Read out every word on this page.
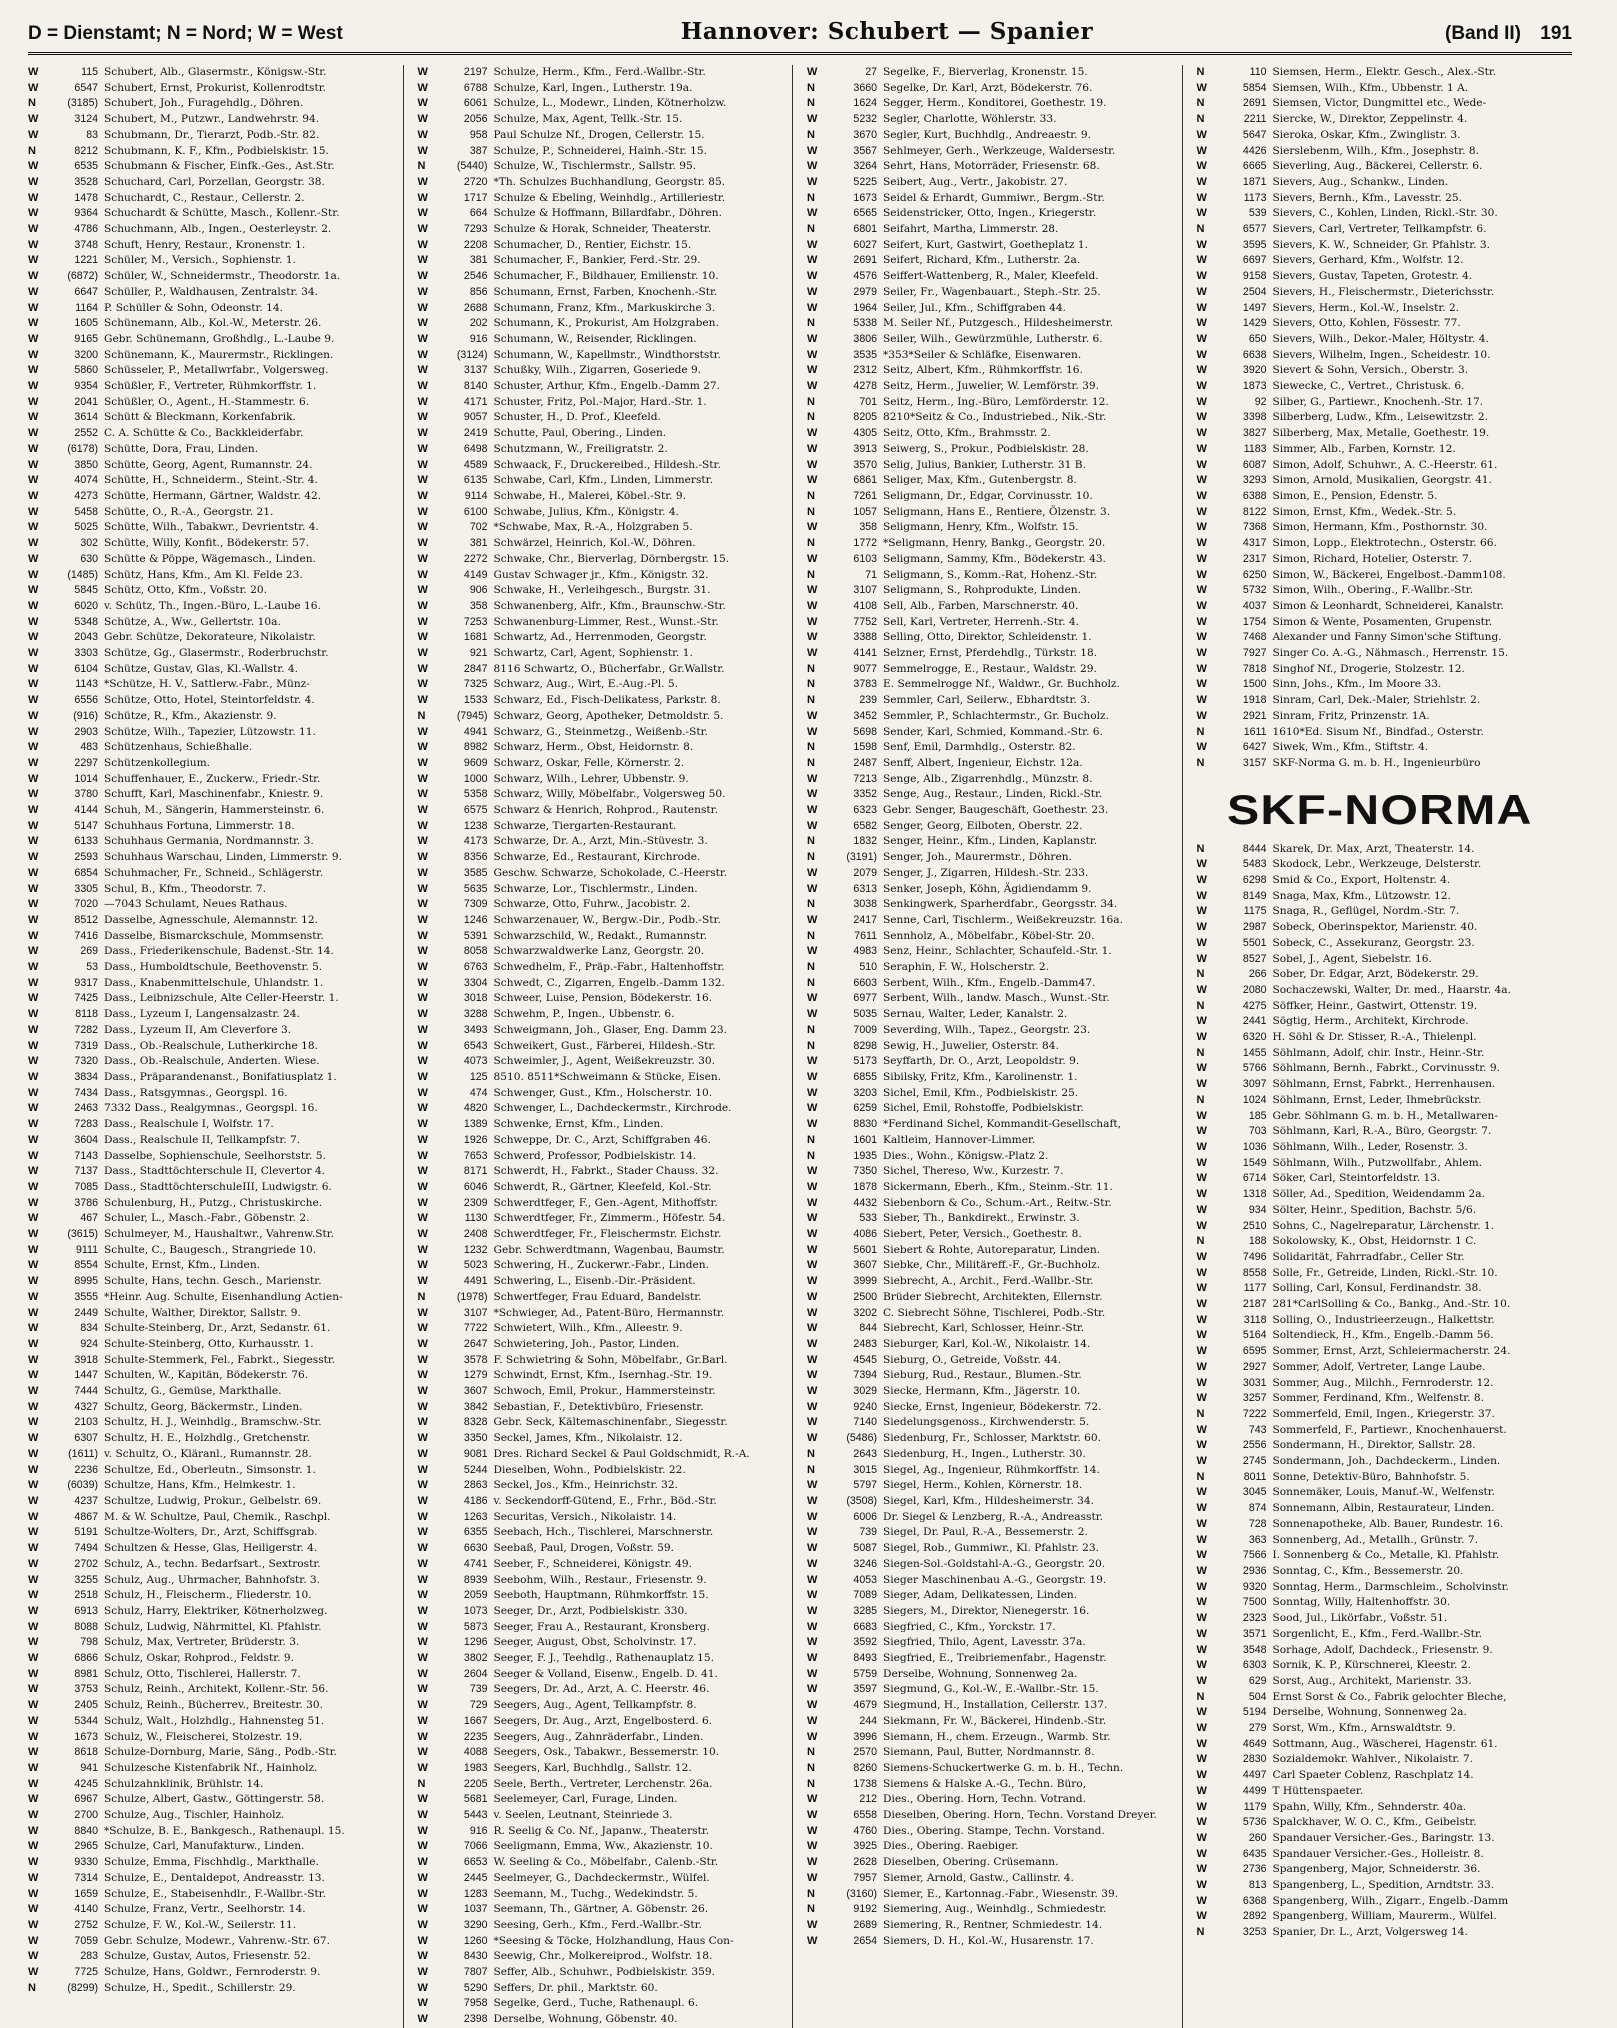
D = Dienstamt; N = Nord; W = West	Hannover: Schubert — Spanier	(Band II) 191
W	115 Schubert, Alb., Glasermstr., Königsw.-Str.
W	6547 Schubert, Ernst, Prokurist, Kollenrodtstr.
N	(3185) Schubert, Joh., Furagehdlg., Döhren.
W	3124 Schubert, M., Putzwr., Landwehrstr. 94.
W	83 Schubmann, Dr., Tierarzt, Podb.-Str. 82.
N	8212 Schubmann, K. F., Kfm., Podbielskistr. 15.
W	6535 Schubmann & Fischer, Einfk.-Ges., Ast.Str.
W	3528 Schuchard, Carl, Porzellan, Georgstr. 38.
W	1478 Schuchardt, C., Restaur., Cellerstr. 2.
W	9364 Schuchardt & Schütte, Masch., Kollenr.-Str.
W	4786 Schuchmann, Alb., Ingen., Oesterleystr. 2.
W	3748 Schuft, Henry, Restaur., Kronenstr. 1.
W	1221 Schüler, M., Versich., Sophienstr. 1.
W	(6872) Schüler, W., Schneidermstr., Theodorstr. 1a.
W	6647 Schüller, P., Waldhausen, Zentralstr. 34.
W	1164 P. Schüller & Sohn, Odeonstr. 14.
W	1605 Schünemann, Alb., Kol.-W., Meterstr. 26.
W	9165 Gebr. Schünemann, Großhdlg., L.-Laube 9.
W	3200 Schünemann, K., Maurermstr., Ricklingen.
W	5860 Schüsseler, P., Metallwrfabr., Volgersweg.
W	9354 Schüßler, F., Vertreter, Rühmkorffstr. 1.
W	2041 Schüßler, O., Agent., H.-Stammestr. 6.
W	3614 Schütt & Bleckmann, Korkenfabrik.
W	2552 C. A. Schütte & Co., Backkleiderfabr.
W	(6178) Schütte, Dora, Frau, Linden.
W	3850 Schütte, Georg, Agent, Rumannstr. 24.
W	4074 Schütte, H., Schneiderm., Steint.-Str. 4.
W	4273 Schütte, Hermann, Gärtner, Waldstr. 42.
W	5458 Schütte, O., R.-A., Georgstr. 21.
W	5025 Schütte, Wilh., Tabakwr., Devrientstr. 4.
W	302 Schütte, Willy, Konfit., Bödekerstr. 57.
W	630 Schütte & Pöppe, Wägemasch., Linden.
W	(1485) Schütz, Hans, Kfm., Am Kl. Felde 23.
W	5845 Schütz, Otto, Kfm., Voßstr. 20.
W	6020 v. Schütz, Th., Ingen.-Büro, L.-Laube 16.
W	5348 Schütze, A., Ww., Gellertstr. 10a.
W	2043 Gebr. Schütze, Dekorateure, Nikolaistr.
W	3303 Schütze, Gg., Glasermstr., Roderbruchstr.
W	6104 Schütze, Gustav, Glas, Kl.-Wallstr. 4.
W	1143 *Schütze, H. V., Sattlerw.-Fabr., Münz-
W	6556 Schütze, Otto, Hotel, Steintorfeldstr. 4.
W	(916) Schütze, R., Kfm., Akazienstr. 9.
W	2903 Schütze, Wilh., Tapezier, Lützowstr. 11.
W	483 Schützenhaus, Schießhalle.
W	2297 Schützenkollegium.
W	1014 Schuffenhauer, E., Zuckerw., Friedr.-Str.
W	3780 Schufft, Karl, Maschinenfabr., Kniestr. 9.
W	4144 Schuh, M., Sängerin, Hammersteinstr. 6.
W	5147 Schuhhaus Fortuna, Limmerstr. 18.
W	6133 Schuhhaus Germania, Nordmannstr. 3.
W	2593 Schuhhaus Warschau, Linden, Limmerstr. 9.
W	6854 Schuhmacher, Fr., Schneid., Schlägerstr.
W	3305 Schul, B., Kfm., Theodorstr. 7.
W	7020 —7043 Schulamt, Neues Rathaus.
W	8512 Dasselbe, Agnesschule, Alemannstr. 12.
W	7416 Dasselbe, Bismarckschule, Mommsenstr.
W	269 Dass., Friederikenschule, Badenst.-Str. 14.
W	53 Dass., Humboldtschule, Beethovenstr. 5.
W	9317 Dass., Knabenmittelschule, Uhlandstr. 1.
W	7425 Dass., Leibnizschule, Alte Celler-Heerstr. 1.
W	8118 Dass., Lyzeum I, Langensalzastr. 24.
W	7282 Dass., Lyzeum II, Am Cleverfore 3.
W	7319 Dass., Ob.-Realschule, Lutherkirche 18.
W	7320 Dass., Ob.-Realschule, Anderten. Wiese.
W	3834 Dass., Präparandenanst., Bonifatiusplatz 1.
W	7434 Dass., Ratsgymnas., Georgspl. 16.
W	2463 7332 Dass., Realgymnas., Georgspl. 16.
W	7283 Dass., Realschule I, Wolfstr. 17.
W	3604 Dass., Realschule II, Tellkampfstr. 7.
W	7143 Dasselbe, Sophienschule, Seelhorststr. 5.
W	7137 Dass., Stadttöchterschule II, Clevertor 4.
W	7085 Dass., StadttöchterschuleIII, Ludwigstr. 6.
W	3786 Schulenburg, H., Putzg., Christuskirche.
W	467 Schuler, L., Masch.-Fabr., Göbenstr. 2.
W	(3615) Schulmeyer, M., Haushaltwr., Vahrenw.Str.
W	9111 Schulte, C., Baugesch., Strangriede 10.
W	8554 Schulte, Ernst, Kfm., Linden.
W	8995 Schulte, Hans, techn. Gesch., Marienstr.
W	3555 *Heinr. Aug. Schulte, Eisenhandlung Actien-
W	2449 Schulte, Walther, Direktor, Sallstr. 9.
W	834 Schulte-Steinberg, Dr., Arzt, Sedanstr. 61.
W	924 Schulte-Steinberg, Otto, Kurhausstr. 1.
W	3918 Schulte-Stemmerk, Fel., Fabrkt., Siegesstr.
W	1447 Schulten, W., Kapitän, Bödekerstr. 76.
W	7444 Schultz, G., Gemüse, Markthalle.
W	4327 Schultz, Georg, Bäckermstr., Linden.
W	2103 Schultz, H. J., Weinhdlg., Bramschw.-Str.
W	6307 Schultz, H. E., Holzhdlg., Gretchenstr.
W	(1611) v. Schultz, O., Kläranl., Rumannstr. 28.
W	2236 Schultze, Ed., Oberleutn., Simsonstr. 1.
W	(6039) Schultze, Hans, Kfm., Helmkestr. 1.
W	4237 Schultze, Ludwig, Prokur., Gelbelstr. 69.
W	4867 M. & W. Schultze, Paul, Chemik., Raschpl.
W	5191 Schultze-Wolters, Dr., Arzt, Schiffsgrab.
W	7494 Schultzen & Hesse, Glas, Heiligerstr. 4.
W	2702 Schulz, A., techn. Bedarfsart., Sextrostr.
W	3255 Schulz, Aug., Uhrmacher, Bahnhofstr. 3.
W	2518 Schulz, H., Fleischerm., Fliederstr. 10.
W	6913 Schulz, Harry, Elektriker, Kötnerholzweg.
W	8088 Schulz, Ludwig, Nährmittel, Kl. Pfahlstr.
W	798 Schulz, Max, Vertreter, Brüderstr. 3.
W	6866 Schulz, Oskar, Rohprod., Feldstr. 9.
W	8981 Schulz, Otto, Tischlerei, Hallerstr. 7.
W	3753 Schulz, Reinh., Architekt, Kollenr.-Str. 56.
W	2405 Schulz, Reinh., Bücherrev., Breitestr. 30.
W	5344 Schulz, Walt., Holzhdlg., Hahnensteg 51.
W	1673 Schulz, W., Fleischerei, Stolzestr. 19.
W	8618 Schulze-Dornburg, Marie, Säng., Podb.-Str.
W	941 Schulzesche Kistenfabrik Nf., Hainholz.
W	4245 Schulzahnklinik, Brühlstr. 14.
W	6967 Schulze, Albert, Gastw., Göttingerstr. 58.
W	2700 Schulze, Aug., Tischler, Hainholz.
W	8840 *Schulze, B. E., Bankgesch., Rathenaupl. 15.
W	2965 Schulze, Carl, Manufakturw., Linden.
W	9330 Schulze, Emma, Fischhdlg., Markthalle.
W	7314 Schulze, E., Dentaldepot, Andreasstr. 13.
W	1659 Schulze, E., Stabeisenhdlr., F.-Wallbr.-Str.
W	4140 Schulze, Franz, Vertr., Seelhorstr. 14.
W	2752 Schulze, F. W., Kol.-W., Seilerstr. 11.
W	7059 Gebr. Schulze, Modewr., Vahrenw.-Str. 67.
W	283 Schulze, Gustav, Autos, Friesenstr. 52.
W	7725 Schulze, Hans, Goldwr., Fernroderstr. 9.
N	(8299) Schulze, H., Spedit., Schillerstr. 29.
W	2197 Schulze, Herm., Kfm., Ferd.-Wallbr.-Str.
W	6788 Schulze, Karl, Ingen., Lutherstr. 19a.
W	6061 Schulze, L., Modewr., Linden, Kötnerholzw.
W	2056 Schulze, Max, Agent, Tellk.-Str. 15.
W	958 Paul Schulze Nf., Drogen, Cellerstr. 15.
W	387 Schulze, P., Schneiderei, Hainh.-Str. 15.
N	(5440) Schulze, W., Tischlermstr., Sallstr. 95.
W	2720 *Th. Schulzes Buchhandlung, Georgstr. 85.
W	1717 Schulze & Ebeling, Weinhdlg., Artilleriestr.
W	664 Schulze & Hoffmann, Billardfabr., Döhren.
W	7293 Schulze & Horak, Schneider, Theaterstr.
W	2208 Schumacher, D., Rentier, Eichstr. 15.
W	381 Schumacher, F., Bankier, Ferd.-Str. 29.
W	2546 Schumacher, F., Bildhauer, Emilienstr. 10.
W	856 Schumann, Ernst, Farben, Knochenh.-Str.
W	2688 Schumann, Franz, Kfm., Markuskirche 3.
W	202 Schumann, K., Prokurist, Am Holzgraben.
W	916 Schumann, W., Reisender, Ricklingen.
W	(3124) Schumann, W., Kapellmstr., Windthorststr.
W	3137 Schußky, Wilh., Zigarren, Goseriede 9.
W	8140 Schuster, Arthur, Kfm., Engelb.-Damm 27.
W	4171 Schuster, Fritz, Pol.-Major, Hard.-Str. 1.
W	9057 Schuster, H., D. Prof., Kleefeld.
W	2419 Schutte, Paul, Obering., Linden.
W	6498 Schutzmann, W., Freiligratstr. 2.
W	4589 Schwaack, F., Druckereibed., Hildesh.-Str.
W	6135 Schwabe, Carl, Kfm., Linden, Limmerstr.
W	9114 Schwabe, H., Malerei, Köbel.-Str. 9.
W	6100 Schwabe, Julius, Kfm., Königstr. 4.
W	702 *Schwabe, Max, R.-A., Holzgraben 5.
W	381 Schwärzel, Heinrich, Kol.-W., Döhren.
W	2272 Schwake, Chr., Bierverlag, Dörnbergstr. 15.
W	4149 Gustav Schwager jr., Kfm., Königstr. 32.
W	906 Schwake, H., Verleihgesch., Burgstr. 31.
W	358 Schwanenberg, Alfr., Kfm., Braunschw.-Str.
W	7253 Schwanenburg-Limmer, Rest., Wunst.-Str.
W	1681 Schwartz, Ad., Herrenmoden, Georgstr.
W	921 Schwartz, Carl, Agent, Sophienstr. 1.
W	2847 8116 Schwartz, O., Bücherfabr., Gr.Wallstr.
W	7325 Schwarz, Aug., Wirt, E.-Aug.-Pl. 5.
W	1533 Schwarz, Ed., Fisch-Delikatess, Parkstr. 8.
N	(7945) Schwarz, Georg, Apotheker, Detmoldstr. 5.
W	4941 Schwarz, G., Steinmetzg., Weißenb.-Str.
W	8982 Schwarz, Herm., Obst, Heidornstr. 8.
W	9609 Schwarz, Oskar, Felle, Körnerstr. 2.
W	1000 Schwarz, Wilh., Lehrer, Ubbenstr. 9.
W	5358 Schwarz, Willy, Möbelfabr., Volgersweg 50.
W	6575 Schwarz & Henrich, Rohprod., Rautenstr.
W	1238 Schwarze, Tiergarten-Restaurant.
W	4173 Schwarze, Dr. A., Arzt, Min.-Stüvestr. 3.
W	8356 Schwarze, Ed., Restaurant, Kirchrode.
W	3585 Geschw. Schwarze, Schokolade, C.-Heerstr.
W	5635 Schwarze, Lor., Tischlermstr., Linden.
W	7309 Schwarze, Otto, Fuhrw., Jacobistr. 2.
W	1246 Schwarzenauer, W., Bergw.-Dir., Podb.-Str.
W	5391 Schwarzschild, W., Redakt., Rumannstr.
W	8058 Schwarzwaldwerke Lanz, Georgstr. 20.
W	6763 Schwedhelm, F., Präp.-Fabr., Haltenhoffstr.
W	3304 Schwedt, C., Zigarren, Engelb.-Damm 132.
W	3018 Schweer, Luise, Pension, Bödekerstr. 16.
W	3288 Schwehm, P., Ingen., Ubbenstr. 6.
W	3493 Schweigmann, Joh., Glaser, Eng. Damm 23.
W	6543 Schweikert, Gust., Färberei, Hildesh.-Str.
W	4073 Schweimler, J., Agent, Weißekreuzstr. 30.
W	125 8510. 8511*Schweimann & Stücke, Eisen.
W	474 Schwenger, Gust., Kfm., Holscherstr. 10.
W	4820 Schwenger, L., Dachdeckermstr., Kirchrode.
W	1389 Schwenke, Ernst, Kfm., Linden.
W	1926 Schweppe, Dr. C., Arzt, Schiffgraben 46.
W	7653 Schwerd, Professor, Podbielskistr. 14.
W	8171 Schwerdt, H., Fabrkt., Stader Chauss. 32.
W	6046 Schwerdt, R., Gärtner, Kleefeld, Kol.-Str.
W	2309 Schwerdtfeger, F., Gen.-Agent, Mithoffstr.
W	1130 Schwerdtfeger, Fr., Zimmerm., Höfestr. 54.
W	2408 Schwerdtfeger, Fr., Fleischermstr. Eichstr.
W	1232 Gebr. Schwerdtmann, Wagenbau, Baumstr.
W	5023 Schwering, H., Zuckerwr.-Fabr., Linden.
W	4491 Schwering, L., Eisenb.-Dir.-Präsident.
N	(1978) Schwertfeger, Frau Eduard, Bandelstr.
W	3107 *Schwieger, Ad., Patent-Büro, Hermannstr.
W	7722 Schwietert, Wilh., Kfm., Alleestr. 9.
W	2647 Schwietering, Joh., Pastor, Linden.
W	3578 F. Schwietring & Sohn, Möbelfabr., Gr.Barl.
W	1279 Schwindt, Ernst, Kfm., Isernhag.-Str. 19.
W	3607 Schwoch, Emil, Prokur., Hammersteinstr.
W	3842 Sebastian, F., Detektivbüro, Friesenstr.
W	8328 Gebr. Seck, Kältemaschinenfabr., Siegesstr.
W	3350 Seckel, James, Kfm., Nikolaistr. 12.
W	9081 Dres. Richard Seckel & Paul Goldschmidt, R.-A.
W	5244 Dieselben, Wohn., Podbielskistr. 22.
W	2863 Seckel, Jos., Kfm., Heinrichstr. 32.
W	4186 v. Seckendorff-Gütend, E., Frhr., Böd.-Str.
W	1263 Securitas, Versich., Nikolaistr. 14.
W	6355 Seebach, Hch., Tischlerei, Marschnerstr.
W	6630 Seebaß, Paul, Drogen, Voßstr. 59.
W	4741 Seeber, F., Schneiderei, Königstr. 49.
W	8939 Seebohm, Wilh., Restaur., Friesenstr. 9.
W	2059 Seeboth, Hauptmann, Rühmkorffstr. 15.
W	1073 Seeger, Dr., Arzt, Podbielskistr. 330.
W	5873 Seeger, Frau A., Restaurant, Kronsberg.
W	1296 Seeger, August, Obst, Scholvinstr. 17.
W	3802 Seeger, F. J., Teehdlg., Rathenauplatz 15.
W	2604 Seeger & Volland, Eisenw., Engelb. D. 41.
W	739 Seegers, Dr. Ad., Arzt, A. C. Heerstr. 46.
W	729 Seegers, Aug., Agent, Tellkampfstr. 8.
W	1667 Seegers, Dr. Aug., Arzt, Engelbosterd. 6.
W	2235 Seegers, Aug., Zahnräderfabr., Linden.
W	4088 Seegers, Osk., Tabakwr., Bessemerstr. 10.
W	1983 Seegers, Karl, Buchhdlg., Sallstr. 12.
N	2205 Seele, Berth., Vertreter, Lerchenstr. 26a.
W	5681 Seelemeyer, Carl, Furage, Linden.
W	5443 v. Seelen, Leutnant, Steinriede 3.
W	916 R. Seelig & Co. Nf., Japanw., Theaterstr.
W	7066 Seeligmann, Emma, Ww., Akazienstr. 10.
W	6653 W. Seeling & Co., Möbelfabr., Calenb.-Str.
W	2445 Seelmeyer, G., Dachdeckermstr., Wülfel.
W	1283 Seemann, M., Tuchg., Wedekindstr. 5.
W	1037 Seemann, Th., Gärtner, A. Göbenstr. 26.
W	3290 Seesing, Gerh., Kfm., Ferd.-Wallbr.-Str.
W	1260 *Seesing & Töcke, Holzhandlung, Haus Con-
W	8430 Seewig, Chr., Molkereiprod., Wolfstr. 18.
W	7807 Seffer, Alb., Schuhwr., Podbielskistr. 359.
W	5290 Seffers, Dr. phil., Marktstr. 60.
W	7958 Segelke, Gerd., Tuche, Rathenaupl. 6.
W	2398 Derselbe, Wohnung, Göbenstr. 40.
W	27 Segelke, F., Bierverlag, Kronenstr. 15.
N	3660 Segelke, Dr. Karl, Arzt, Bödekerstr. 76.
N	1624 Segger, Herm., Konditorei, Goethestr. 19.
W	5232 Segler, Charlotte, Wöhlerstr. 33.
N	3670 Segler, Kurt, Buchhdlg., Andreaestr. 9.
W	3567 Sehlmeyer, Gerh., Werkzeuge, Waldersestr.
W	3264 Sehrt, Hans, Motorräder, Friesenstr. 68.
W	5225 Seibert, Aug., Vertr., Jakobistr. 27.
N	1673 Seidel & Erhardt, Gummiwr., Bergm.-Str.
W	6565 Seidenstricker, Otto, Ingen., Kriegerstr.
N	6801 Seifahrt, Martha, Limmerstr. 28.
W	6027 Seifert, Kurt, Gastwirt, Goetheplatz 1.
W	2691 Seifert, Richard, Kfm., Lutherstr. 2a.
W	4576 Seiffert-Wattenberg, R., Maler, Kleefeld.
W	2979 Seiler, Fr., Wagenbauart., Steph.-Str. 25.
W	1964 Seiler, Jul., Kfm., Schiffgraben 44.
N	5338 M. Seiler Nf., Putzgesch., Hildesheimerstr.
W	3806 Seiler, Wilh., Gewürzmühle, Lutherstr. 6.
W	3535 *353*Seiler & Schläfke, Eisenwaren.
W	2312 Seitz, Albert, Kfm., Rühmkorffstr. 16.
W	4278 Seitz, Herm., Juwelier, W. Lemförstr. 39.
N	701 Seitz, Herm., Ing.-Büro, Lemförderstr. 12.
N	8205 8210*Seitz & Co., Industriebed., Nik.-Str.
W	4305 Seitz, Otto, Kfm., Brahmsstr. 2.
W	3913 Seiwerg, S., Prokur., Podbielskistr. 28.
W	3570 Selig, Julius, Bankier, Lutherstr. 31 B.
W	6861 Seliger, Max, Kfm., Gutenbergstr. 8.
N	7261 Seligmann, Dr., Edgar, Corvinusstr. 10.
N	1057 Seligmann, Hans E., Rentiere, Ölzenstr. 3.
W	358 Seligmann, Henry, Kfm., Wolfstr. 15.
N	1772 *Seligmann, Henry, Bankg., Georgstr. 20.
W	6103 Seligmann, Sammy, Kfm., Bödekerstr. 43.
N	71 Seligmann, S., Komm.-Rat, Hohenz.-Str.
W	3107 Seligmann, S., Rohprodukte, Linden.
W	4108 Sell, Alb., Farben, Marschnerstr. 40.
W	7752 Sell, Karl, Vertreter, Herrenh.-Str. 4.
W	3388 Selling, Otto, Direktor, Schleidenstr. 1.
W	4141 Selzner, Ernst, Pferdehdlg., Türkstr. 18.
N	9077 Semmelrogge, E., Restaur., Waldstr. 29.
N	3783 E. Semmelrogge Nf., Waldwr., Gr. Buchholz.
N	239 Semmler, Carl, Seilerw., Ebhardtstr. 3.
W	3452 Semmler, P., Schlachtermstr., Gr. Bucholz.
W	5698 Sender, Karl, Schmied, Kommand.-Str. 6.
N	1598 Senf, Emil, Darmhdlg., Osterstr. 82.
N	2487 Senff, Albert, Ingenieur, Eichstr. 12a.
W	7213 Senge, Alb., Zigarrenhdlg., Münzstr. 8.
W	3352 Senge, Aug., Restaur., Linden, Rickl.-Str.
W	6323 Gebr. Senger, Baugeschäft, Goethestr. 23.
W	6582 Senger, Georg, Eilboten, Oberstr. 22.
N	1832 Senger, Heinr., Kfm., Linden, Kaplanstr.
N	(3191) Senger, Joh., Maurermstr., Döhren.
W	2079 Senger, J., Zigarren, Hildesh.-Str. 233.
W	6313 Senker, Joseph, Köhn, Ägidiendamm 9.
N	3038 Senkingwerk, Sparherdfabr., Georgsstr. 34.
W	2417 Senne, Carl, Tischlerm., Weißekreuzstr. 16a.
N	7611 Sennholz, A., Möbelfabr., Köbel-Str. 20.
W	4983 Senz, Heinr., Schlachter, Schaufeld.-Str. 1.
N	510 Seraphin, F. W., Holscherstr. 2.
N	6603 Serbent, Wilh., Kfm., Engelb.-Damm47.
W	6977 Serbent, Wilh., landw. Masch., Wunst.-Str.
W	5035 Sernau, Walter, Leder, Kanalstr. 2.
N	7009 Severding, Wilh., Tapez., Georgstr. 23.
N	8298 Sewig, H., Juwelier, Osterstr. 84.
W	5173 Seyffarth, Dr. O., Arzt, Leopoldstr. 9.
W	6855 Sibilsky, Fritz, Kfm., Karolinenstr. 1.
W	3203 Sichel, Emil, Kfm., Podbielskistr. 25.
W	6259 Sichel, Emil, Rohstoffe, Podbielskistr.
W	8830 *Ferdinand Sichel, Kommandit-Gesellschaft,
N	1601 Kaltleim, Hannover-Limmer.
N	1935 Dies., Wohn., Königsw.-Platz 2.
W	7350 Sichel, Thereso, Ww., Kurzestr. 7.
W	1878 Sickermann, Eberh., Kfm., Steinm.-Str. 11.
W	4432 Siebenborn & Co., Schum.-Art., Reitw.-Str.
W	533 Sieber, Th., Bankdirekt., Erwinstr. 3.
W	4086 Siebert, Peter, Versich., Goethestr. 8.
W	5601 Siebert & Rohte, Autoreparatur, Linden.
W	3607 Siebke, Chr., Militäreff.-F., Gr.-Buchholz.
W	3999 Siebrecht, A., Archit., Ferd.-Wallbr.-Str.
W	2500 Brüder Siebrecht, Architekten, Ellernstr.
W	3202 C. Siebrecht Söhne, Tischlerei, Podb.-Str.
W	844 Siebrecht, Karl, Schlosser, Heinr.-Str.
W	2483 Sieburger, Karl, Kol.-W., Nikolaistr. 14.
W	4545 Sieburg, O., Getreide, Voßstr. 44.
W	7394 Sieburg, Rud., Restaur., Blumen.-Str.
W	3029 Siecke, Hermann, Kfm., Jägerstr. 10.
W	9240 Siecke, Ernst, Ingenieur, Bödekerstr. 72.
W	7140 Siedelungsgenoss., Kirchwenderstr. 5.
W	(5486) Siedenburg, Fr., Schlosser, Marktstr. 60.
N	2643 Siedenburg, H., Ingen., Lutherstr. 30.
N	3015 Siegel, Ag., Ingenieur, Rühmkorffstr. 14.
W	5797 Siegel, Herm., Kohlen, Körnerstr. 18.
W	(3508) Siegel, Karl, Kfm., Hildesheimerstr. 34.
W	6006 Dr. Siegel & Lenzberg, R.-A., Andreasstr.
W	739 Siegel, Dr. Paul, R.-A., Bessemerstr. 2.
W	5087 Siegel, Rob., Gummiwr., Kl. Pfahlstr. 23.
W	3246 Siegen-Sol.-Goldstahl-A.-G., Georgstr. 20.
W	4053 Sieger Maschinenbau A.-G., Georgstr. 19.
W	7089 Sieger, Adam, Delikatessen, Linden.
W	3285 Siegers, M., Direktor, Nienegerstr. 16.
W	6683 Siegfried, C., Kfm., Yorckstr. 17.
W	3592 Siegfried, Thilo, Agent, Lavesstr. 37a.
W	8493 Siegfried, E., Treibriemenfabr., Hagenstr.
W	5759 Derselbe, Wohnung, Sonnenweg 2a.
W	3597 Siegmund, G., Kol.-W., E.-Wallbr.-Str. 15.
W	4679 Siegmund, H., Installation, Cellerstr. 137.
W	244 Siekmann, Fr. W., Bäckerei, Hindenb.-Str.
W	3996 Siemann, H., chem. Erzeugn., Warmb. Str.
N	2570 Siemann, Paul, Butter, Nordmannstr. 8.
N	8260 Siemens-Schuckertwerke G. m. b. H., Techn.
N	1738 Siemens & Halske A.-G., Techn. Büro,
W	212 Dies., Obering. Horn, Techn. Votrand.
W	6558 Dieselben, Obering. Horn, Techn. Vorstand Dreyer.
W	4760 Dies., Obering. Stampe, Techn. Vorstand.
W	3925 Dies., Obering. Raebiger.
W	2628 Dieselben, Obering. Crüsemann.
W	7957 Siemer, Arnold, Gastw., Callinstr. 4.
N	(3160) Siemer, E., Kartonnag.-Fabr., Wiesenstr. 39.
N	9192 Siemering, Aug., Weinhdlg., Schmiedestr.
W	2689 Siemering, R., Rentner, Schmiedestr. 14.
W	2654 Siemers, D. H., Kol.-W., Husarenstr. 17.
N	110 Siemsen, Herm., Elektr. Gesch., Alex.-Str.
W	5854 Siemsen, Wilh., Kfm., Ubbenstr. 1 A.
N	2691 Siemsen, Victor, Dungmittel etc., Wede-
N	2211 Siercke, W., Direktor, Zeppelinstr. 4.
W	5647 Sieroka, Oskar, Kfm., Zwinglistr. 3.
W	4426 Sierslebenm, Wilh., Kfm., Josephstr. 8.
W	6665 Sieverling, Aug., Bäckerei, Cellerstr. 6.
W	1871 Sievers, Aug., Schankw., Linden.
W	1173 Sievers, Bernh., Kfm., Lavesstr. 25.
W	539 Sievers, C., Kohlen, Linden, Rickl.-Str. 30.
N	6577 Sievers, Carl, Vertreter, Tellkampfstr. 6.
W	3595 Sievers, K. W., Schneider, Gr. Pfahlstr. 3.
W	6697 Sievers, Gerhard, Kfm., Wolfstr. 12.
W	9158 Sievers, Gustav, Tapeten, Grotestr. 4.
W	2504 Sievers, H., Fleischermstr., Dieterichsstr.
W	1497 Sievers, Herm., Kol.-W., Inselstr. 2.
W	1429 Sievers, Otto, Kohlen, Fössestr. 77.
W	650 Sievers, Wilh., Dekor.-Maler, Höltystr. 4.
W	6638 Sievers, Wilhelm, Ingen., Scheidestr. 10.
W	3920 Sievert & Sohn, Versich., Oberstr. 3.
W	1873 Siewecke, C., Vertret., Christusk. 6.
W	92 Silber, G., Partiewr., Knochenh.-Str. 17.
W	3398 Silberberg, Ludw., Kfm., Leisewitzstr. 2.
W	3827 Silberberg, Max, Metalle, Goethestr. 19.
W	1183 Simmer, Alb., Farben, Kornstr. 12.
W	6087 Simon, Adolf, Schuhwr., A. C.-Heerstr. 61.
W	3293 Simon, Arnold, Musikalien, Georgstr. 41.
W	6388 Simon, E., Pension, Edenstr. 5.
W	8122 Simon, Ernst, Kfm., Wedek.-Str. 5.
W	7368 Simon, Hermann, Kfm., Posthornstr. 30.
W	4317 Simon, Lopp., Elektrotechn., Osterstr. 66.
W	2317 Simon, Richard, Hotelier, Osterstr. 7.
W	6250 Simon, W., Bäckerei, Engelbost.-Damm108.
W	5732 Simon, Wilh., Obering., F.-Wallbr.-Str.
W	4037 Simon & Leonhardt, Schneiderei, Kanalstr.
W	1754 Simon & Wente, Posamenten, Grupenstr.
W	7468 Alexander und Fanny Simon'sche Stiftung.
W	7927 Singer Co. A.-G., Nähmasch., Herrenstr. 15.
W	7818 Singhof Nf., Drogerie, Stolzestr. 12.
W	1500 Sinn, Johs., Kfm., Im Moore 33.
W	1918 Sinram, Carl, Dek.-Maler, Striehlstr. 2.
W	2921 Sinram, Fritz, Prinzenstr. 1A.
N	1611 1610*Ed. Sisum Nf., Bindfad., Osterstr.
W	6427 Siwek, Wm., Kfm., Stiftstr. 4.
N	3157 SKF-Norma G. m. b. H., Ingenieurbüro
SKF-NORMA
N	8444 Skarek, Dr. Max, Arzt, Theaterstr. 14.
W	5483 Skodock, Lebr., Werkzeuge, Delsterstr.
W	6298 Smid & Co., Export, Holtenstr. 4.
W	8149 Snaga, Max, Kfm., Lützowstr. 12.
W	1175 Snaga, R., Geflügel, Nordm.-Str. 7.
W	2987 Sobeck, Oberinspektor, Marienstr. 40.
W	5501 Sobeck, C., Assekuranz, Georgstr. 23.
W	8527 Sobel, J., Agent, Siebelstr. 16.
N	266 Sober, Dr. Edgar, Arzt, Bödekerstr. 29.
W	2080 Sochaczewski, Walter, Dr. med., Haarstr. 4a.
N	4275 Söffker, Heinr., Gastwirt, Ottenstr. 19.
W	2441 Sögtig, Herm., Architekt, Kirchrode.
W	6320 H. Söhl & Dr. Stisser, R.-A., Thielenpl.
N	1455 Söhlmann, Adolf, chir. Instr., Heinr.-Str.
W	5766 Söhlmann, Bernh., Fabrkt., Corvinusstr. 9.
W	3097 Söhlmann, Ernst, Fabrkt., Herrenhausen.
N	1024 Söhlmann, Ernst, Leder, Ihmebrückstr.
W	185 Gebr. Söhlmann G. m. b. H., Metallwaren-
W	703 Söhlmann, Karl, R.-A., Büro, Georgstr. 7.
W	1036 Söhlmann, Wilh., Leder, Rosenstr. 3.
W	1549 Söhlmann, Wilh., Putzwollfabr., Ahlem.
W	6714 Söker, Carl, Steintorfeldstr. 13.
W	1318 Söller, Ad., Spedition, Weidendamm 2a.
W	934 Sölter, Heinr., Spedition, Bachstr. 5/6.
W	2510 Sohns, C., Nagelreparatur, Lärchenstr. 1.
N	188 Sokolowsky, K., Obst, Heidornstr. 1 C.
W	7496 Solidarität, Fahrradfabr., Celler Str.
W	8558 Solle, Fr., Getreide, Linden, Rickl.-Str. 10.
W	1177 Solling, Carl, Konsul, Ferdinandstr. 38.
W	2187 281*CarlSolling & Co., Bankg., And.-Str. 10.
W	3118 Solling, O., Industrieerzeugn., Halkettstr.
W	5164 Soltendieck, H., Kfm., Engelb.-Damm 56.
W	6595 Sommer, Ernst, Arzt, Schleiermacherstr. 24.
W	2927 Sommer, Adolf, Vertreter, Lange Laube.
W	3031 Sommer, Aug., Milchh., Fernroderstr. 12.
W	3257 Sommer, Ferdinand, Kfm., Welfenstr. 8.
N	7222 Sommerfeld, Emil, Ingen., Kriegerstr. 37.
W	743 Sommerfeld, F., Partiewr., Knochenhauerst.
W	2556 Sondermann, H., Direktor, Sallstr. 28.
W	2745 Sondermann, Joh., Dachdeckerm., Linden.
N	8011 Sonne, Detektiv-Büro, Bahnhofstr. 5.
W	3045 Sonnemäker, Louis, Manuf.-W., Welfenstr.
W	874 Sonnemann, Albin, Restaurateur, Linden.
W	728 Sonnenapotheke, Alb. Bauer, Rundestr. 16.
W	363 Sonnenberg, Ad., Metallh., Grünstr. 7.
W	7566 I. Sonnenberg & Co., Metalle, Kl. Pfahlstr.
W	2936 Sonntag, C., Kfm., Bessemerstr. 20.
W	9320 Sonntag, Herm., Darmschleim., Scholvinstr.
W	7500 Sonntag, Willy, Haltenhoffstr. 30.
W	2323 Sood, Jul., Likörfabr., Voßstr. 51.
W	3571 Sorgenlicht, E., Kfm., Ferd.-Wallbr.-Str.
W	3548 Sorhage, Adolf, Dachdeck., Friesenstr. 9.
W	6303 Sornik, K. P., Kürschnerei, Kleestr. 2.
W	629 Sorst, Aug., Architekt, Marienstr. 33.
N	504 Ernst Sorst & Co., Fabrik gelochter Bleche,
W	5194 Derselbe, Wohnung, Sonnenweg 2a.
W	279 Sorst, Wm., Kfm., Arnswaldtstr. 9.
W	4649 Sottmann, Aug., Wäscherei, Hagenstr. 61.
W	2830 Sozialdemokr. Wahlver., Nikolaistr. 7.
W	4497 Carl Spaeter Coblenz, Raschplatz 14.
W	4499 T Hüttenspaeter.
W	1179 Spahn, Willy, Kfm., Sehnderstr. 40a.
W	5736 Spalckhaver, W. O. C., Kfm., Geibelstr.
W	260 Spandauer Versicher.-Ges., Baringstr. 13.
W	6435 Spandauer Versicher.-Ges., Holleistr. 8.
W	2736 Spangenberg, Major, Schneiderstr. 36.
W	813 Spangenberg, L., Spedition, Arndtstr. 33.
W	6368 Spangenberg, Wilh., Zigarr., Engelb.-Damm
W	2892 Spangenberg, William, Maurerm., Wülfel.
N	3253 Spanier, Dr. L., Arzt, Volgersweg 14.
